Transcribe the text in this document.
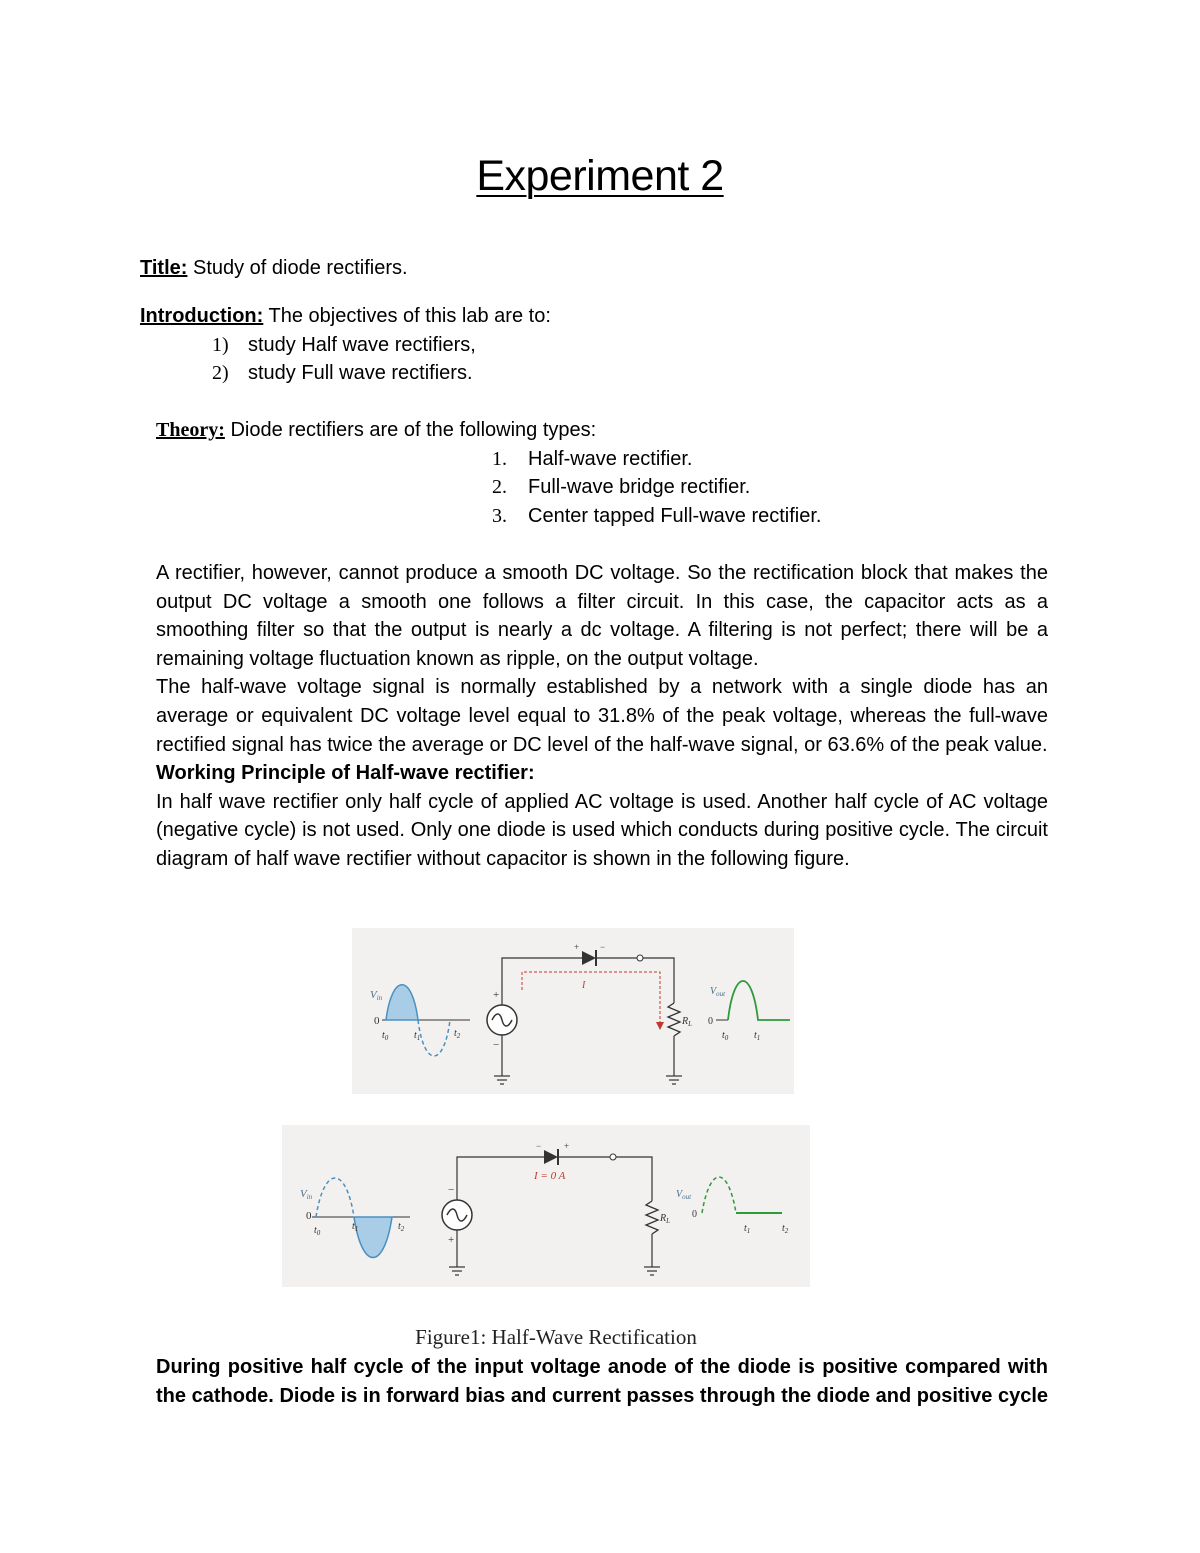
Experiment 2
Title: Study of diode rectifiers.
Introduction: The objectives of this lab are to:
1) study Half wave rectifiers,
2) study Full wave rectifiers.
Theory: Diode rectifiers are of the following types:
1. Half-wave rectifier.
2. Full-wave bridge rectifier.
3. Center tapped Full-wave rectifier.

A rectifier, however, cannot produce a smooth DC voltage. So the rectification block that makes the output DC voltage a smooth one follows a filter circuit. In this case, the capacitor acts as a smoothing filter so that the output is nearly a dc voltage. A filtering is not perfect; there will be a remaining voltage fluctuation known as ripple, on the output voltage.

The half-wave voltage signal is normally established by a network with a single diode has an average or equivalent DC voltage level equal to 31.8% of the peak voltage, whereas the full-wave rectified signal has twice the average or DC level of the half-wave signal, or 63.6% of the peak value.

Working Principle of Half-wave rectifier:

In half wave rectifier only half cycle of applied AC voltage is used. Another half cycle of AC voltage (negative cycle) is not used. Only one diode is used which conducts during positive cycle. The circuit diagram of half wave rectifier without capacitor is shown in the following figure.

Vin
0
$t_0$	$t_1$	$t_2$
+
−
+ −
$R_L$
I
$V_{out}$
0
$t_0$	$t_1$
Vin
0
$t_0$
$t_1$	$t_2$
−
+
−	+
$R_L$
I = 0 A
$V_{out}$
0
$t_1$	$t_2$
Figure1: Half-Wave Rectification

During positive half cycle of the input voltage anode of the diode is positive compared with

the cathode. Diode is in forward bias and current passes through the diode and positive cycle
